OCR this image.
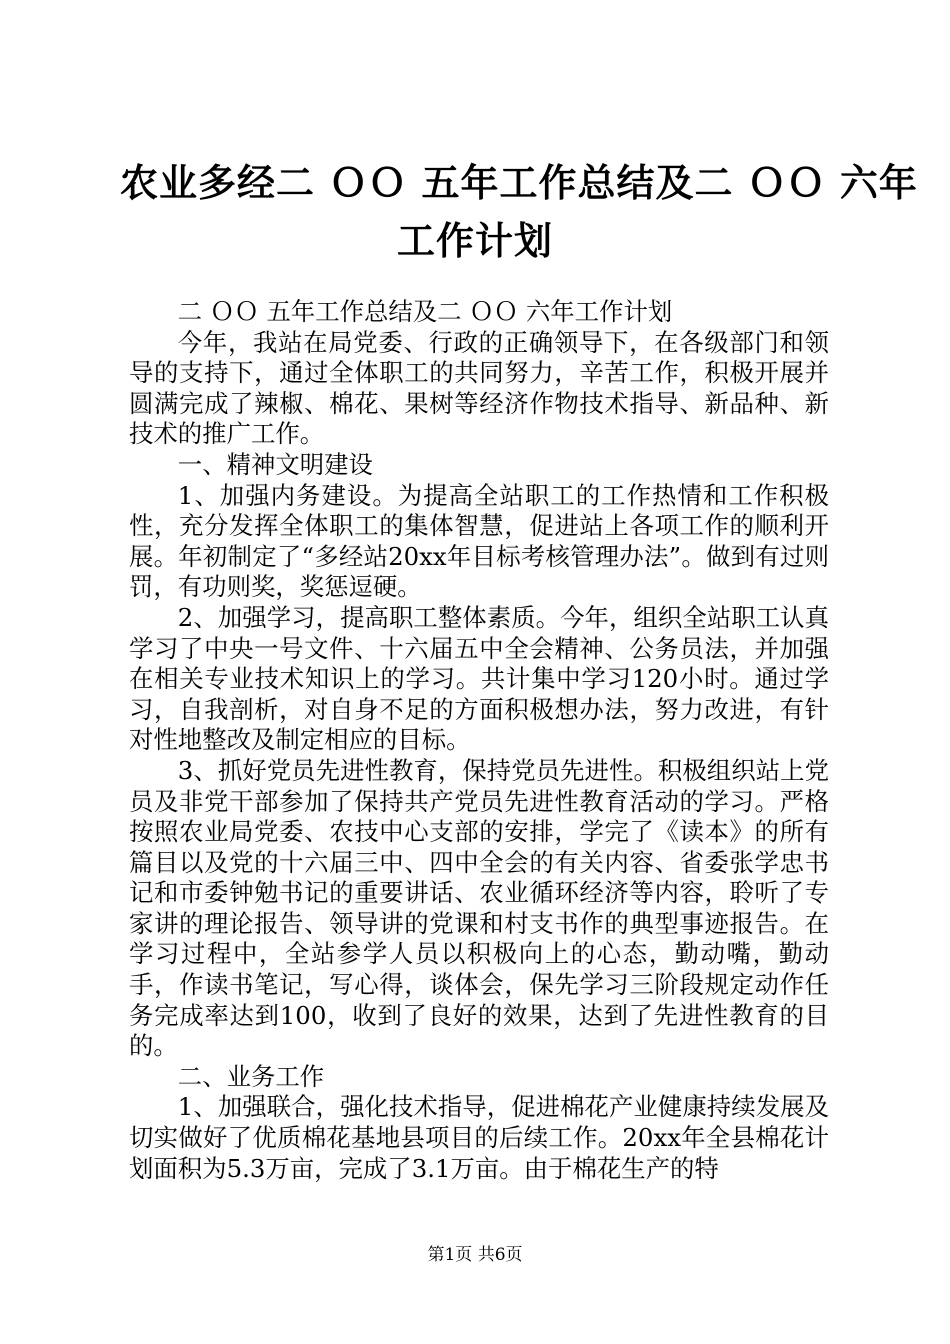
农业多经二 ＯＯ 五年工作总结及二 ＯＯ 六年
工作计划

二 ＯＯ 五年工作总结及二 ＯＯ 六年工作计划

今年，我站在局党委、行政的正确领导下，在各级部门和领导的支持下，通过全体职工的共同努力，辛苦工作，积极开展并圆满完成了辣椒、棉花、果树等经济作物技术指导、新品种、新技术的推广工作。

一、精神文明建设

1、加强内务建设。为提高全站职工的工作热情和工作积极性，充分发挥全体职工的集体智慧，促进站上各项工作的顺利开展。年初制定了“多经站20xx年目标考核管理办法”。做到有过则罚，有功则奖，奖惩逗硬。

2、加强学习，提高职工整体素质。今年，组织全站职工认真学习了中央一号文件、十六届五中全会精神、公务员法，并加强在相关专业技术知识上的学习。共计集中学习120小时。通过学习，自我剖析，对自身不足的方面积极想办法，努力改进，有针对性地整改及制定相应的目标。

3、抓好党员先进性教育，保持党员先进性。积极组织站上党员及非党干部参加了保持共产党员先进性教育活动的学习。严格按照农业局党委、农技中心支部的安排，学完了《读本》的所有篇目以及党的十六届三中、四中全会的有关内容、省委张学忠书记和市委钟勉书记的重要讲话、农业循环经济等内容，聆听了专家讲的理论报告、领导讲的党课和村支书作的典型事迹报告。在学习过程中，全站参学人员以积极向上的心态，勤动嘴，勤动手，作读书笔记，写心得，谈体会，保先学习三阶段规定动作任务完成率达到100，收到了良好的效果，达到了先进性教育的目的。

二、业务工作

1、加强联合，强化技术指导，促进棉花产业健康持续发展及切实做好了优质棉花基地县项目的后续工作。20xx年全县棉花计划面积为5.3万亩，完成了3.1万亩。由于棉花生产的特

第1页 共6页
